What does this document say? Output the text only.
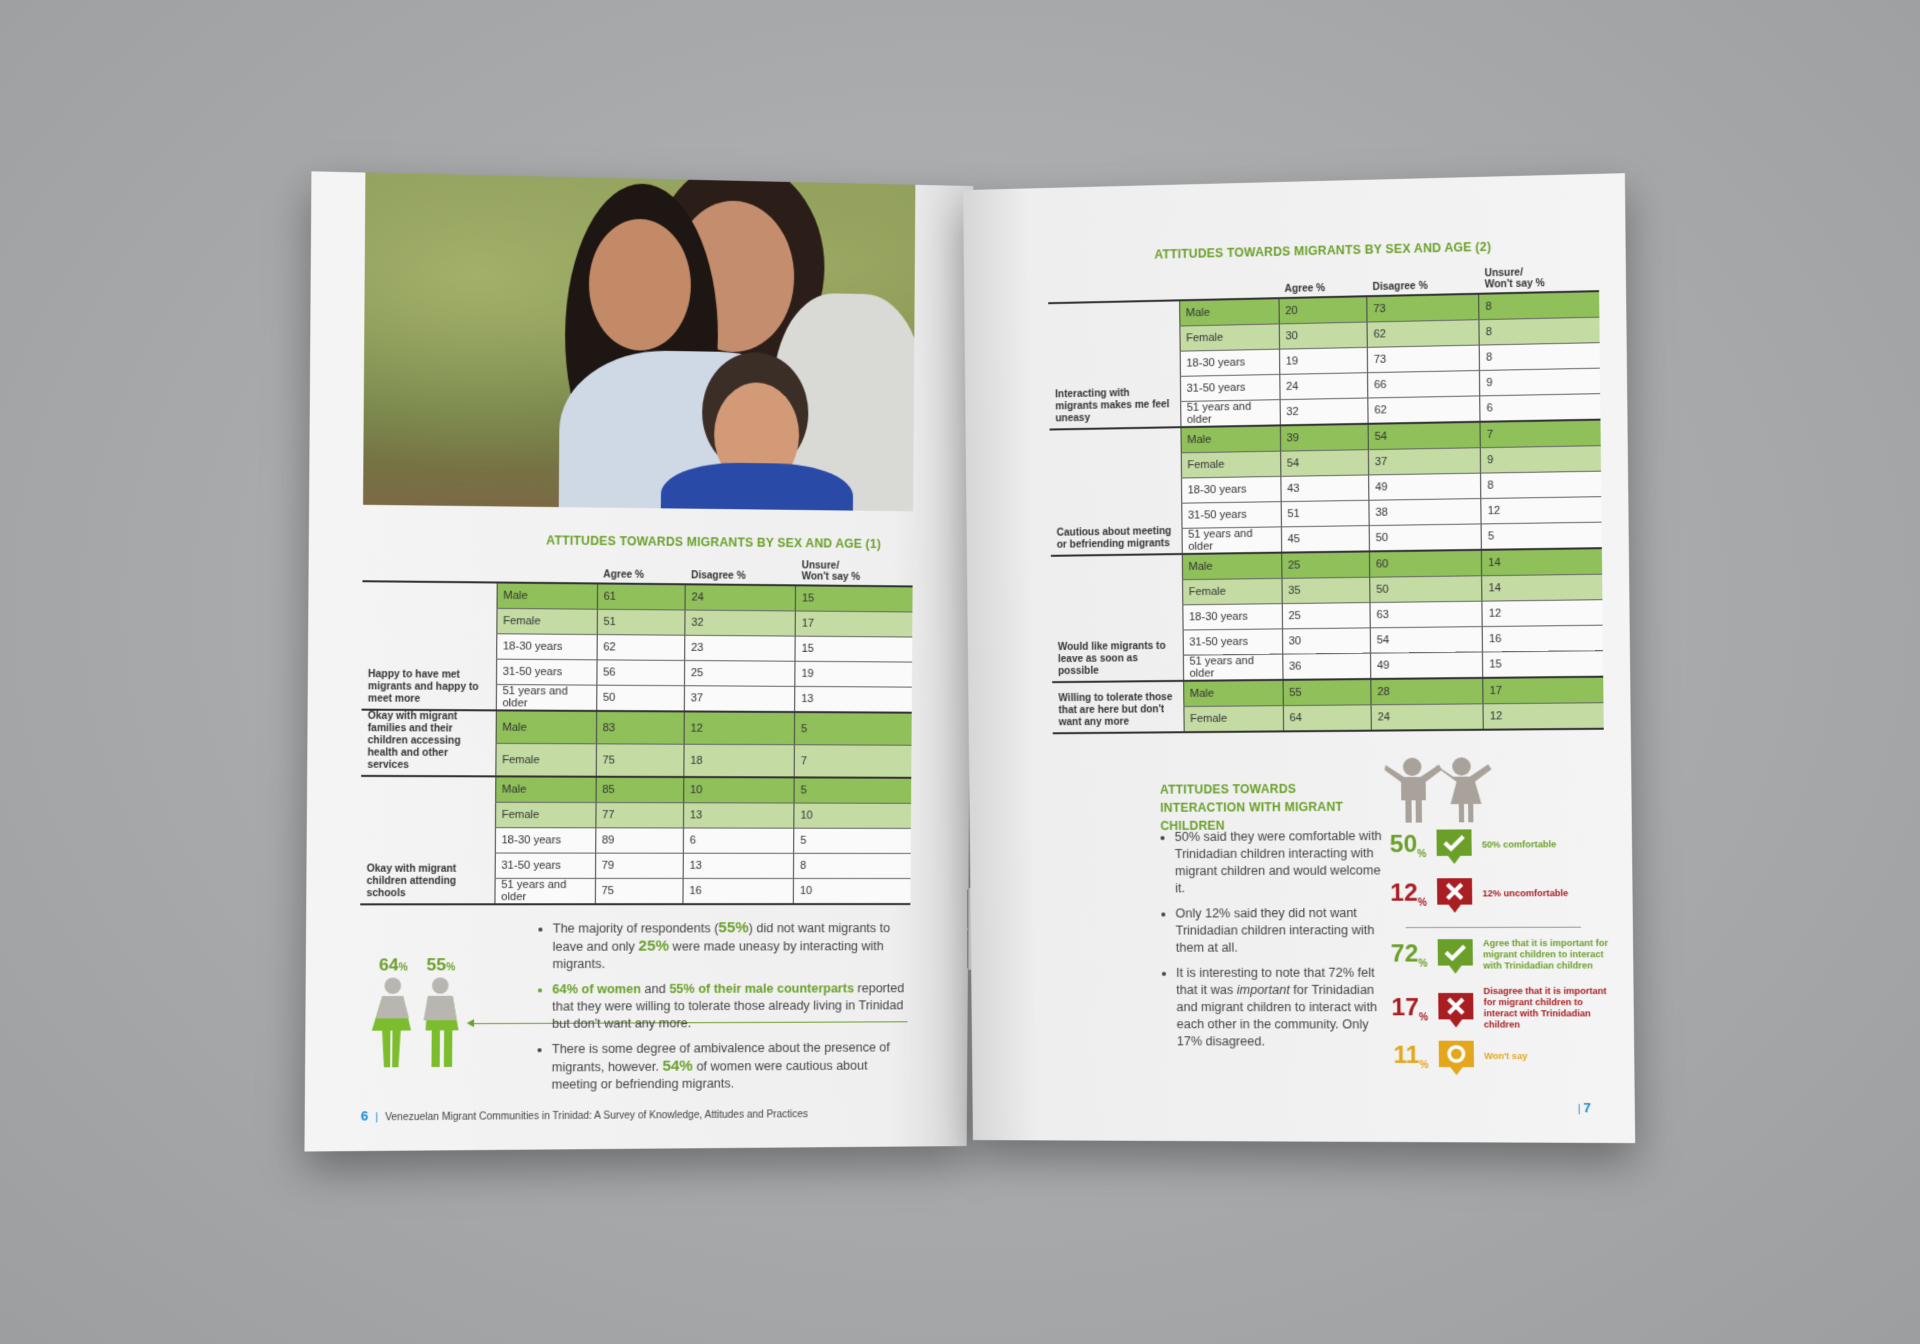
ATTITUDES TOWARDS MIGRANTS BY SEX AND AGE (1)
		Agree %	Disagree %	Unsure/
Won't say %
Happy to have met migrants and happy to meet more	Male	61	24	15
	Female	51	32	17
	18-30 years	62	23	15
	31-50 years	56	25	19
	51 years and older	50	37	13
Okay with migrant families and their children accessing health and other services	Male	83	12	5
	Female	75	18	7
Okay with migrant children attending schools	Male	85	10	5
	Female	77	13	10
	18-30 years	89	6	5
	31-50 years	79	13	8
	51 years and older	75	16	10
64%	55%
• The majority of respondents (55%) did not want migrants to leave and only 25% were made uneasy by interacting with migrants.
• 64% of women and 55% of their male counterparts reported that they were willing to tolerate those already living in Trinidad but don't want any more.
• There is some degree of ambivalence about the presence of migrants, however. 54% of women were cautious about meeting or befriending migrants.
6 | Venezuelan Migrant Communities in Trinidad: A Survey of Knowledge, Attitudes and Practices
ATTITUDES TOWARDS MIGRANTS BY SEX AND AGE (2)
		Agree %	Disagree %	Unsure/
Won't say %
Interacting with migrants makes me feel uneasy	Male	20	73	8
	Female	30	62	8
	18-30 years	19	73	8
	31-50 years	24	66	9
	51 years and older	32	62	6
Cautious about meeting or befriending migrants	Male	39	54	7
	Female	54	37	9
	18-30 years	43	49	8
	31-50 years	51	38	12
	51 years and older	45	50	5
Would like migrants to leave as soon as possible	Male	25	60	14
	Female	35	50	14
	18-30 years	25	63	12
	31-50 years	30	54	16
	51 years and older	36	49	15
Willing to tolerate those that are here but don't want any more	Male	55	28	17
	Female	64	24	12
ATTITUDES TOWARDS INTERACTION WITH MIGRANT CHILDREN
• 50% said they were comfortable with Trinidadian children interacting with migrant children and would welcome it.
• Only 12% said they did not want Trinidadian children interacting with them at all.
• It is interesting to note that 72% felt that it was important for Trinidadian and migrant children to interact with each other in the community. Only 17% disagreed.
50 %
50% comfortable
12 %
12% uncomfortable
72 %
Agree that it is important for migrant children to interact with Trinidadian children
17 %
Disagree that it is important for migrant children to interact with Trinidadian children
11 %
Won't say
| 7
